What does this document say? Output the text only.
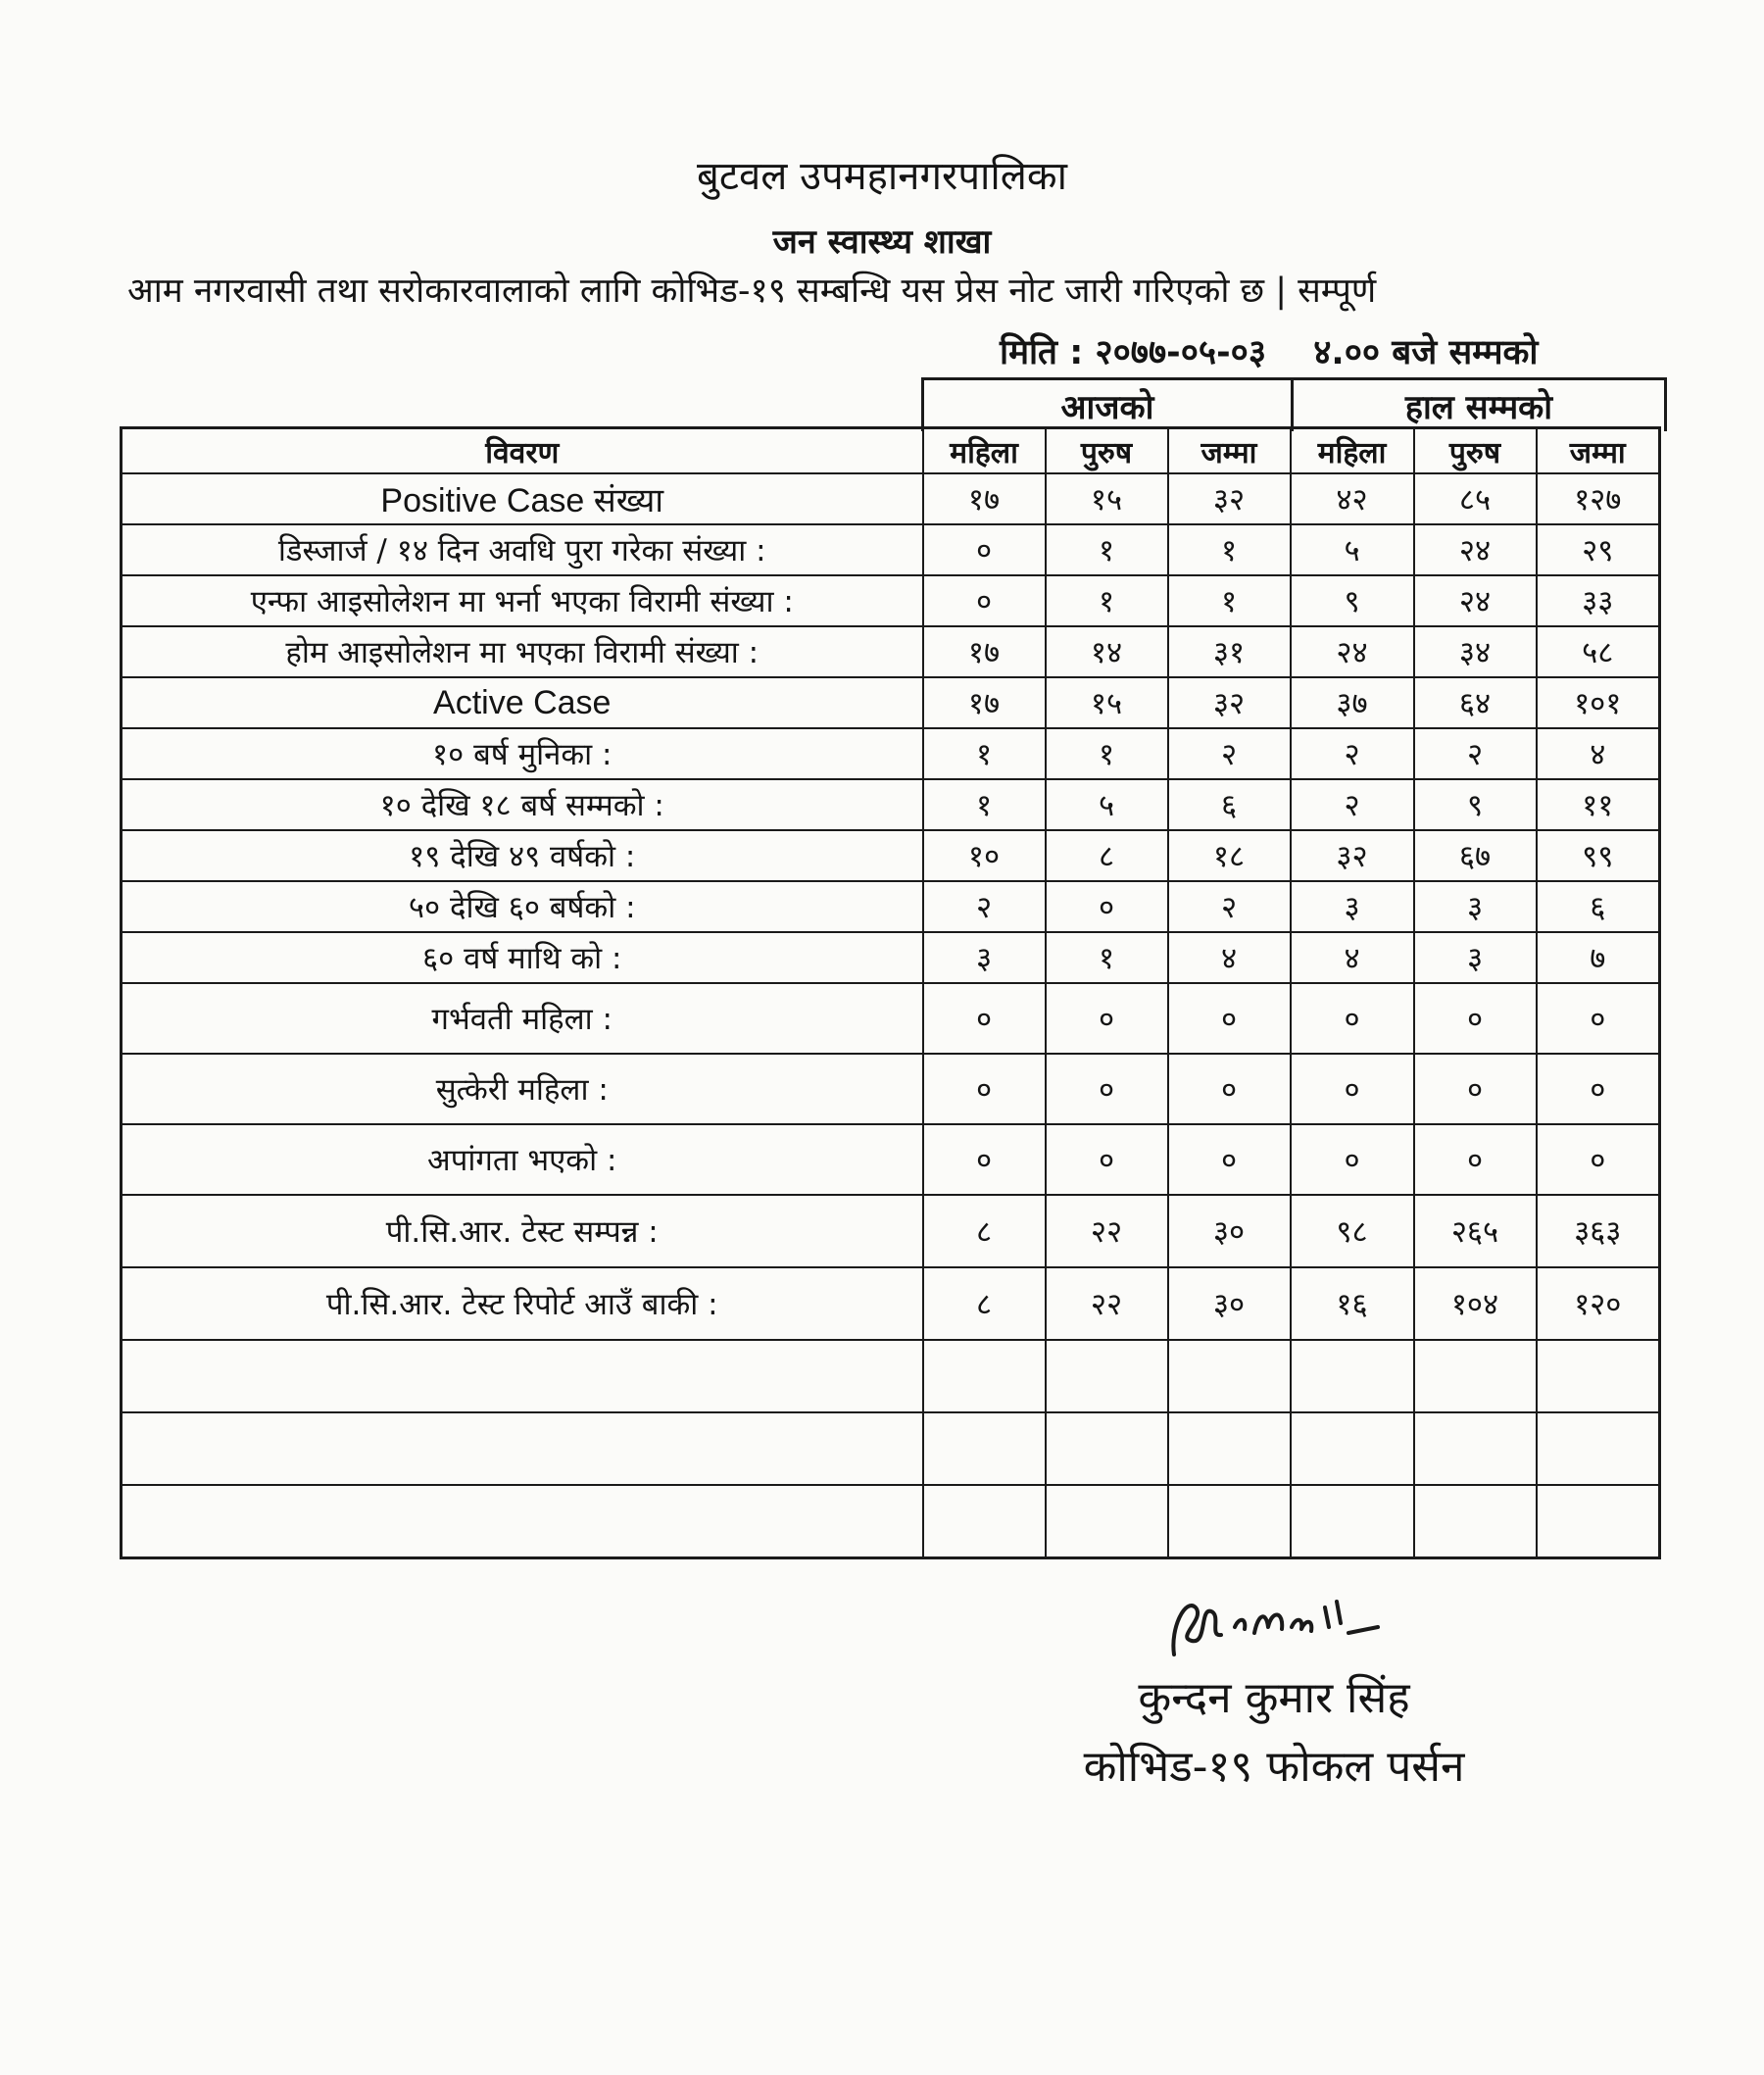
बुटवल उपमहानगरपालिका
जन स्वास्थ्य शाखा
आम नगरवासी तथा सरोकारवालाको लागि कोभिड-१९ सम्बन्धि यस प्रेस नोट जारी गरिएको छ | सम्पूर्ण
मिति : २०७७-०५-०३ ४.०० बजे सम्मको
आजको	हाल सम्मको
विवरण	महिला	पुरुष	जम्मा	महिला	पुरुष	जम्मा
Positive Case संख्या	१७	१५	३२	४२	८५	१२७
डिस्जार्ज / १४ दिन अवधि पुरा गरेका संख्या :	०	१	१	५	२४	२९
एन्फा आइसोलेशन मा भर्ना भएका विरामी संख्या :	०	१	१	९	२४	३३
होम आइसोलेशन मा भएका विरामी संख्या :	१७	१४	३१	२४	३४	५८
Active Case	१७	१५	३२	३७	६४	१०१
१० बर्ष मुनिका :	१	१	२	२	२	४
१० देखि १८ बर्ष सम्मको :	१	५	६	२	९	११
१९ देखि ४९ वर्षको :	१०	८	१८	३२	६७	९९
५० देखि ६० बर्षको :	२	०	२	३	३	६
६० वर्ष माथि को :	३	१	४	४	३	७
गर्भवती महिला :	०	०	०	०	०	०
सुत्केरी महिला :	०	०	०	०	०	०
अपांगता भएको :	०	०	०	०	०	०
पी.सि.आर. टेस्ट सम्पन्न :	८	२२	३०	९८	२६५	३६३
पी.सि.आर. टेस्ट रिपोर्ट आउँ बाकी :	८	२२	३०	१६	१०४	१२०

कुन्दन कुमार सिंह
कोभिड-१९ फोकल पर्सन
